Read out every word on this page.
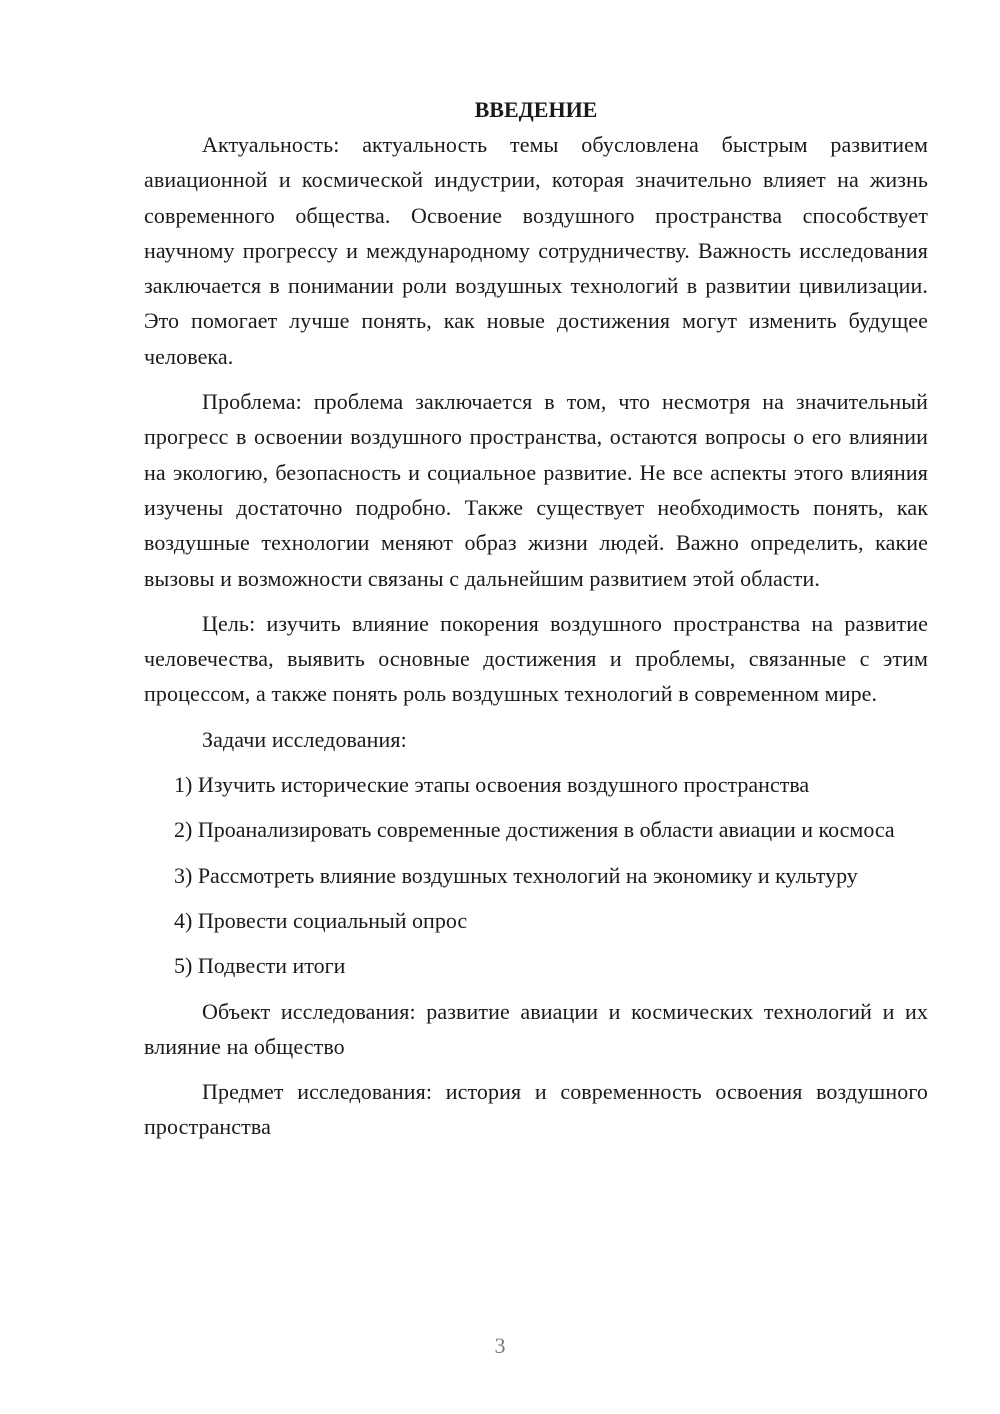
ВВЕДЕНИЕ

Актуальность: актуальность темы обусловлена быстрым развитием авиационной и космической индустрии, которая значительно влияет на жизнь современного общества. Освоение воздушного пространства способствует научному прогрессу и международному сотрудничеству. Важность исследования заключается в понимании роли воздушных технологий в развитии цивилизации. Это помогает лучше понять, как новые достижения могут изменить будущее человека.

Проблема: проблема заключается в том, что несмотря на значительный прогресс в освоении воздушного пространства, остаются вопросы о его влиянии на экологию, безопасность и социальное развитие. Не все аспекты этого влияния изучены достаточно подробно. Также существует необходимость понять, как воздушные технологии меняют образ жизни людей. Важно определить, какие вызовы и возможности связаны с дальнейшим развитием этой области.

Цель: изучить влияние покорения воздушного пространства на развитие человечества, выявить основные достижения и проблемы, связанные с этим процессом, а также понять роль воздушных технологий в современном мире.

Задачи исследования:

1) Изучить исторические этапы освоения воздушного пространства

2) Проанализировать современные достижения в области авиации и космоса

3) Рассмотреть влияние воздушных технологий на экономику и культуру

4) Провести социальный опрос

5) Подвести итоги

Объект исследования: развитие авиации и космических технологий и их влияние на общество

Предмет исследования: история и современность освоения воздушного пространства

3
